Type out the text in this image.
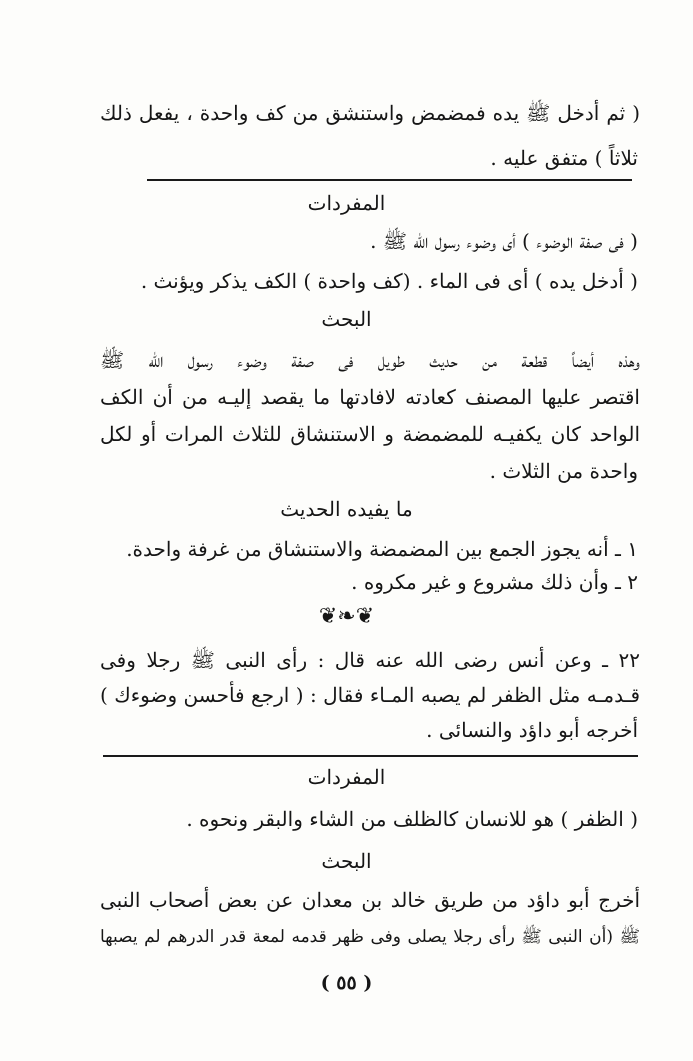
( ثم أدخل ﷺ يده فمضمض واستنشق من كف واحدة ، يفعل ذلك
ثلاثاً ) متفق عليه .
المفردات
( فى صفة الوضوء ) أى وضوء رسول الله ﷺ .
( أدخل يده ) أى فى الماء . (كف واحدة ) الكف يذكر ويؤنث .
البحث
وهذه أيضاً قطعة من حديث طويل فى صفة وضوء رسول الله ﷺ
اقتصر عليها المصنف كعادته لافادتها ما يقصد إليـه من أن الكف
الواحد كان يكفيـه للمضمضة و الاستنشاق للثلاث المرات أو لكل
واحدة من الثلاث .
ما يفيده الحديث
١ ـ أنه يجوز الجمع بين المضمضة والاستنشاق من غرفة واحدة.
٢ ـ وأن ذلك مشروع و غير مكروه .
❦❧❦
٢٢ ـ وعن أنس رضى الله عنه قال : رأى النبى ﷺ رجلا وفى
قـدمـه مثل الظفر لم يصبه المـاء فقال : ( ارجع فأحسن وضوءك )
أخرجه أبو داؤد والنسائى .
المفردات
( الظفر ) هو للانسان كالظلف من الشاء والبقر ونحوه .
البحث
أخرج أبو داؤد من طريق خالد بن معدان عن بعض أصحاب النبى
ﷺ (أن النبى ﷺ رأى رجلا يصلى وفى ظهر قدمه لمعة قدر الدرهم لم يصبها
( ٥٥ )
